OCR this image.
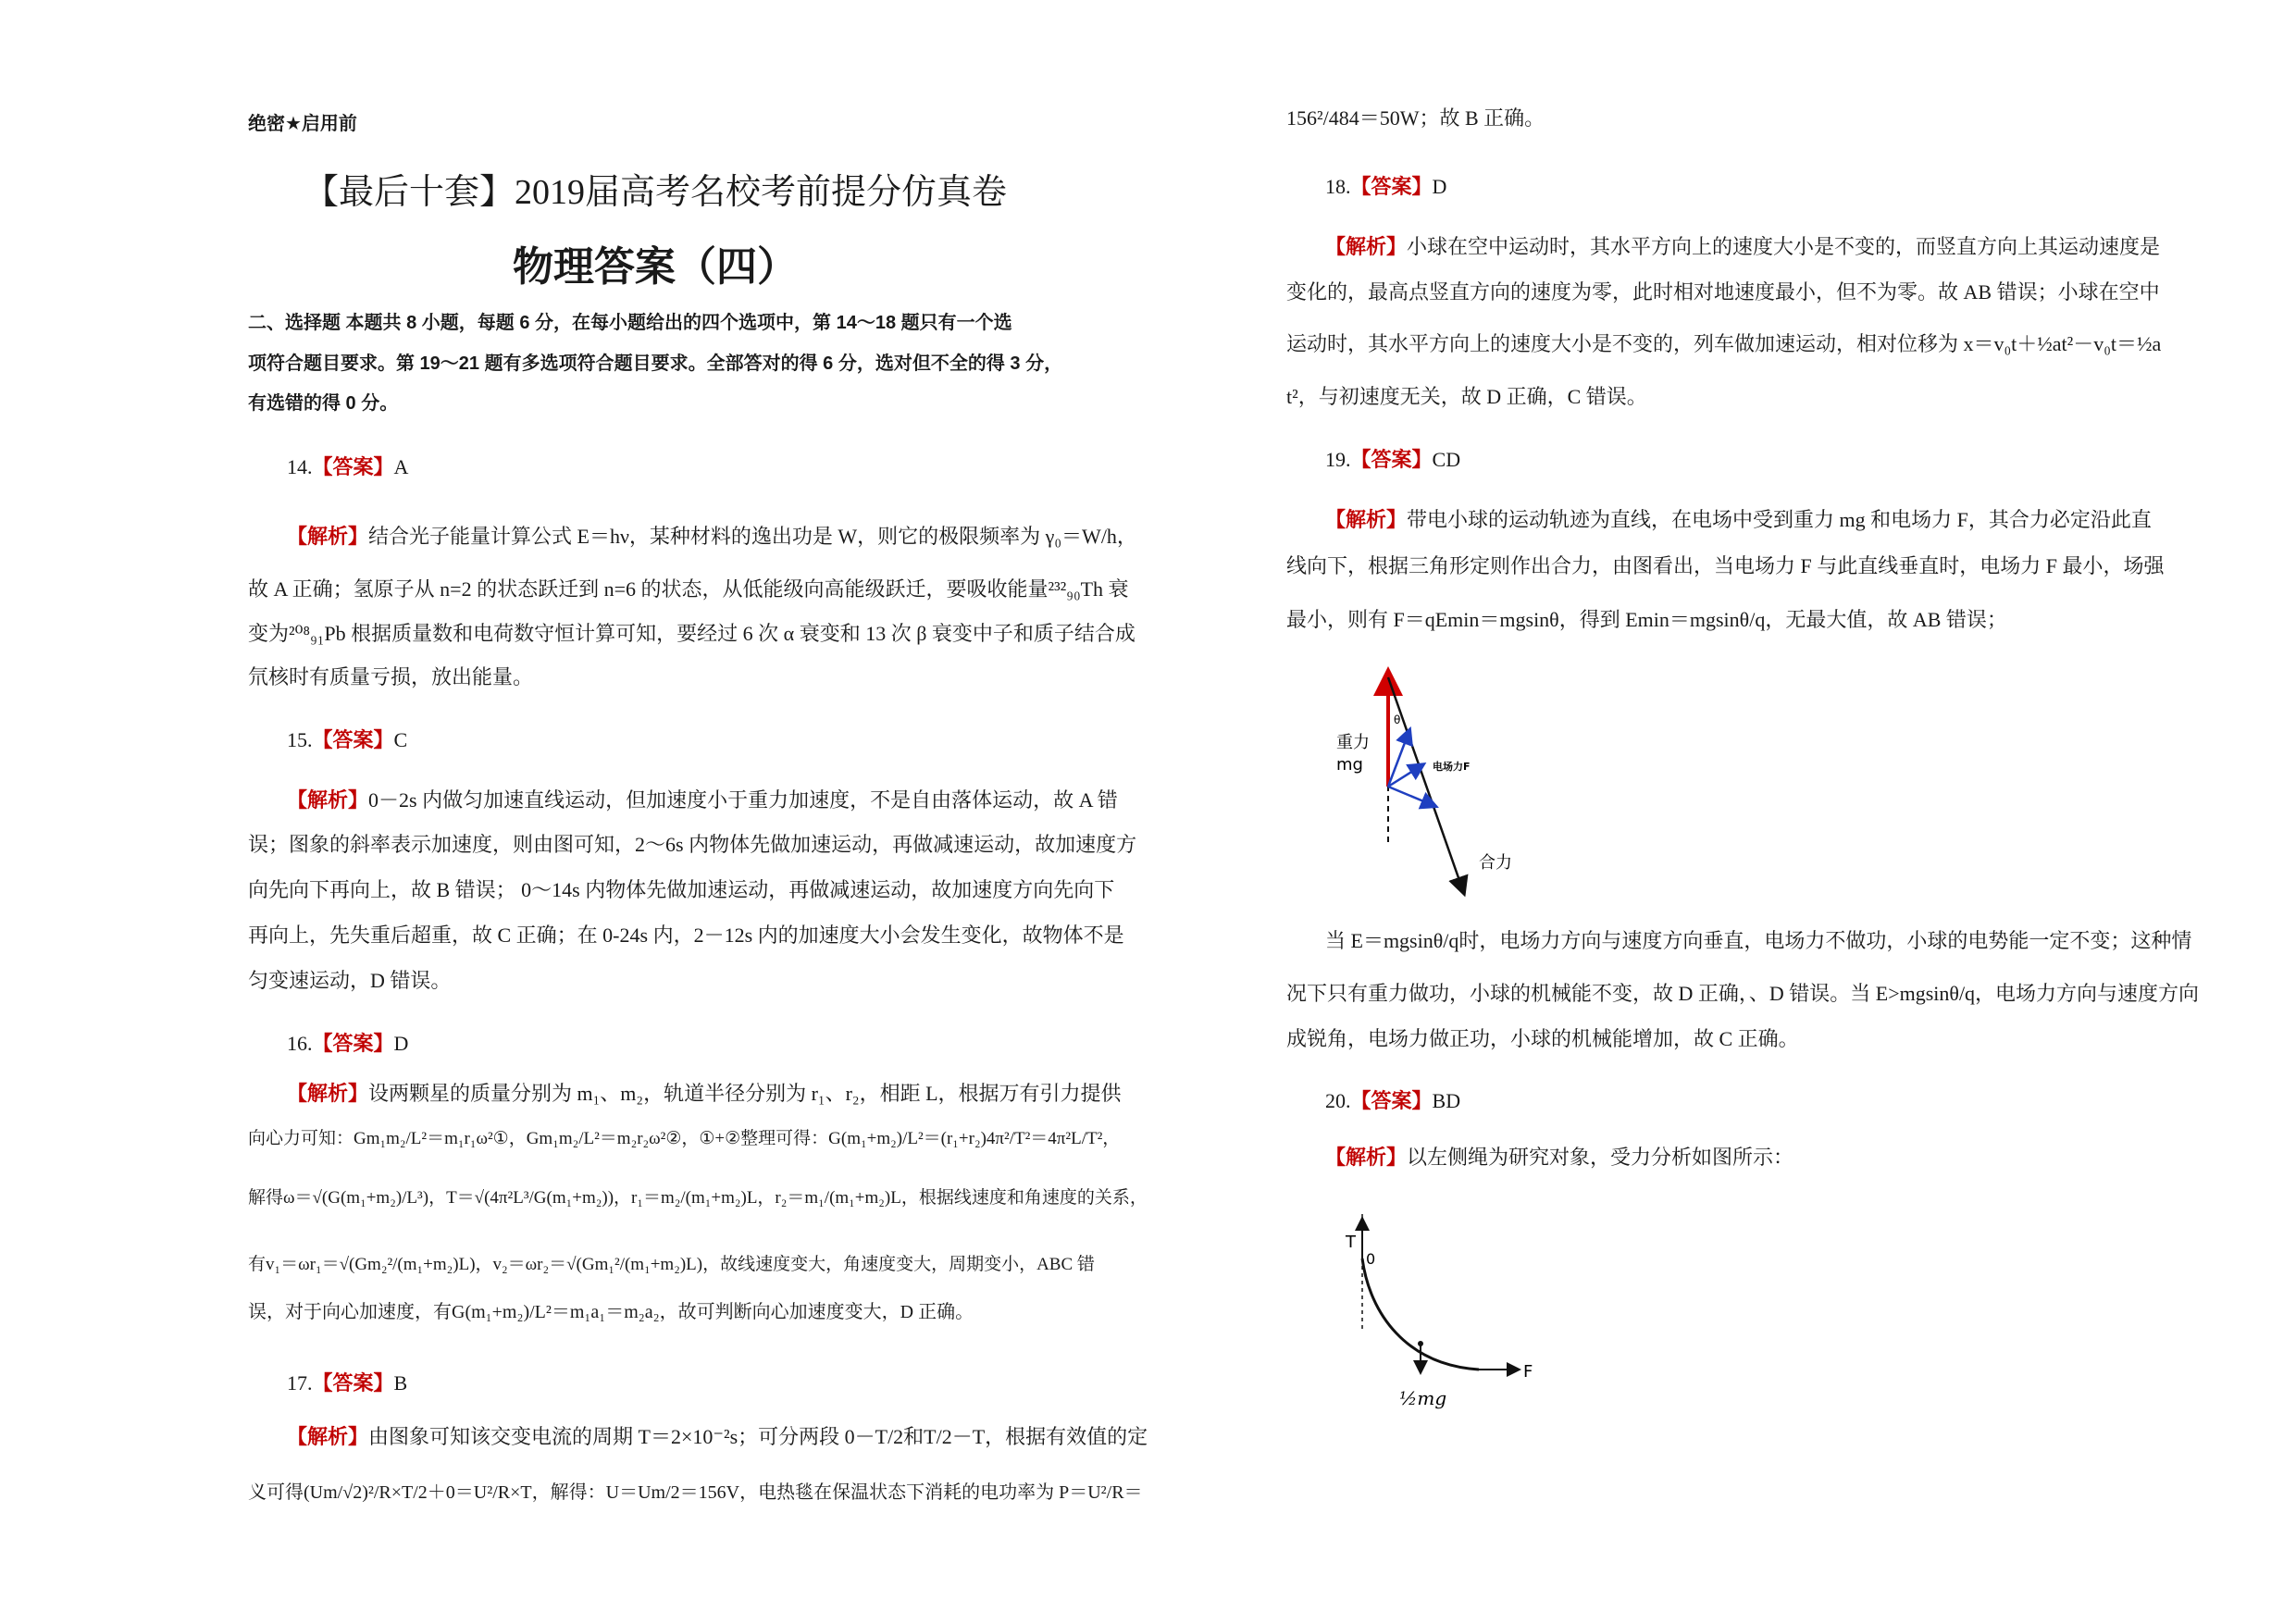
绝密★启用前
【最后十套】2019届高考名校考前提分仿真卷
物理答案（四）
二、选择题 本题共 8 小题，每题 6 分，在每小题给出的四个选项中，第 14～18 题只有一个选
项符合题目要求。第 19～21 题有多选项符合题目要求。全部答对的得 6 分，选对但不全的得 3 分，
有选错的得 0 分。
14.【答案】A
【解析】结合光子能量计算公式 E＝hν，某种材料的逸出功是 W，则它的极限频率为 γ₀＝W/h，
故 A 正确；氢原子从 n=2 的状态跃迁到 n=6 的状态，从低能级向高能级跃迁，要吸收能量²³²₉₀Th 衰
变为²⁰⁸₉₁Pb 根据质量数和电荷数守恒计算可知，要经过 6 次 α 衰变和 13 次 β 衰变中子和质子结合成
氘核时有质量亏损，放出能量。
15.【答案】C
【解析】0－2s 内做匀加速直线运动，但加速度小于重力加速度，不是自由落体运动，故 A 错
误；图象的斜率表示加速度，则由图可知，2～6s 内物体先做加速运动，再做减速运动，故加速度方
向先向下再向上，故 B 错误； 0～14s 内物体先做加速运动，再做减速运动，故加速度方向先向下
再向上，先失重后超重，故 C 正确；在 0-24s 内，2－12s 内的加速度大小会发生变化，故物体不是
匀变速运动，D 错误。
16.【答案】D
【解析】设两颗星的质量分别为 m₁、m₂，轨道半径分别为 r₁、r₂，相距 L，根据万有引力提供
向心力可知：Gm₁m₂/L²＝m₁r₁ω²①，Gm₁m₂/L²＝m₂r₂ω²②，①+②整理可得：G(m₁+m₂)/L²＝(r₁+r₂)4π²/T²＝4π²L/T²，
解得ω＝√(G(m₁+m₂)/L³)，T＝√(4π²L³/G(m₁+m₂))，r₁＝m₂/(m₁+m₂)L，r₂＝m₁/(m₁+m₂)L，根据线速度和角速度的关系，
有v₁＝ωr₁＝√(Gm₂²/(m₁+m₂)L)，v₂＝ωr₂＝√(Gm₁²/(m₁+m₂)L)，故线速度变大，角速度变大，周期变小，ABC 错
误，对于向心加速度，有G(m₁+m₂)/L²＝m₁a₁＝m₂a₂，故可判断向心加速度变大，D 正确。
17.【答案】B
【解析】由图象可知该交变电流的周期 T＝2×10⁻²s；可分两段 0－T/2和T/2－T，根据有效值的定
义可得(Um/√2)²/R×T/2＋0＝U²/R×T，解得：U＝Um/2＝156V，电热毯在保温状态下消耗的电功率为 P＝U²/R＝
156²/484＝50W；故 B 正确。
18.【答案】D
【解析】小球在空中运动时，其水平方向上的速度大小是不变的，而竖直方向上其运动速度是
变化的，最高点竖直方向的速度为零，此时相对地速度最小，但不为零。故 AB 错误；小球在空中
运动时，其水平方向上的速度大小是不变的，列车做加速运动，相对位移为 x＝v₀t＋½at²－v₀t＝½a
t²，与初速度无关，故 D 正确，C 错误。
19.【答案】CD
【解析】带电小球的运动轨迹为直线，在电场中受到重力 mg 和电场力 F，其合力必定沿此直
线向下，根据三角形定则作出合力，由图看出，当电场力 F 与此直线垂直时，电场力 F 最小，场强
最小，则有 F＝qEmin＝mgsinθ，得到 Emin＝mgsinθ/q，无最大值，故 AB 错误；
重力
mg
θ
电场力F
合力
当 E＝mgsinθ/q时，电场力方向与速度方向垂直，电场力不做功，小球的电势能一定不变；这种情
况下只有重力做功，小球的机械能不变，故 D 正确，、D 错误。当 E>mgsinθ/q，电场力方向与速度方向
成锐角，电场力做正功，小球的机械能增加，故 C 正确。
20.【答案】BD
【解析】以左侧绳为研究对象，受力分析如图所示：
T
0
½mg
F
